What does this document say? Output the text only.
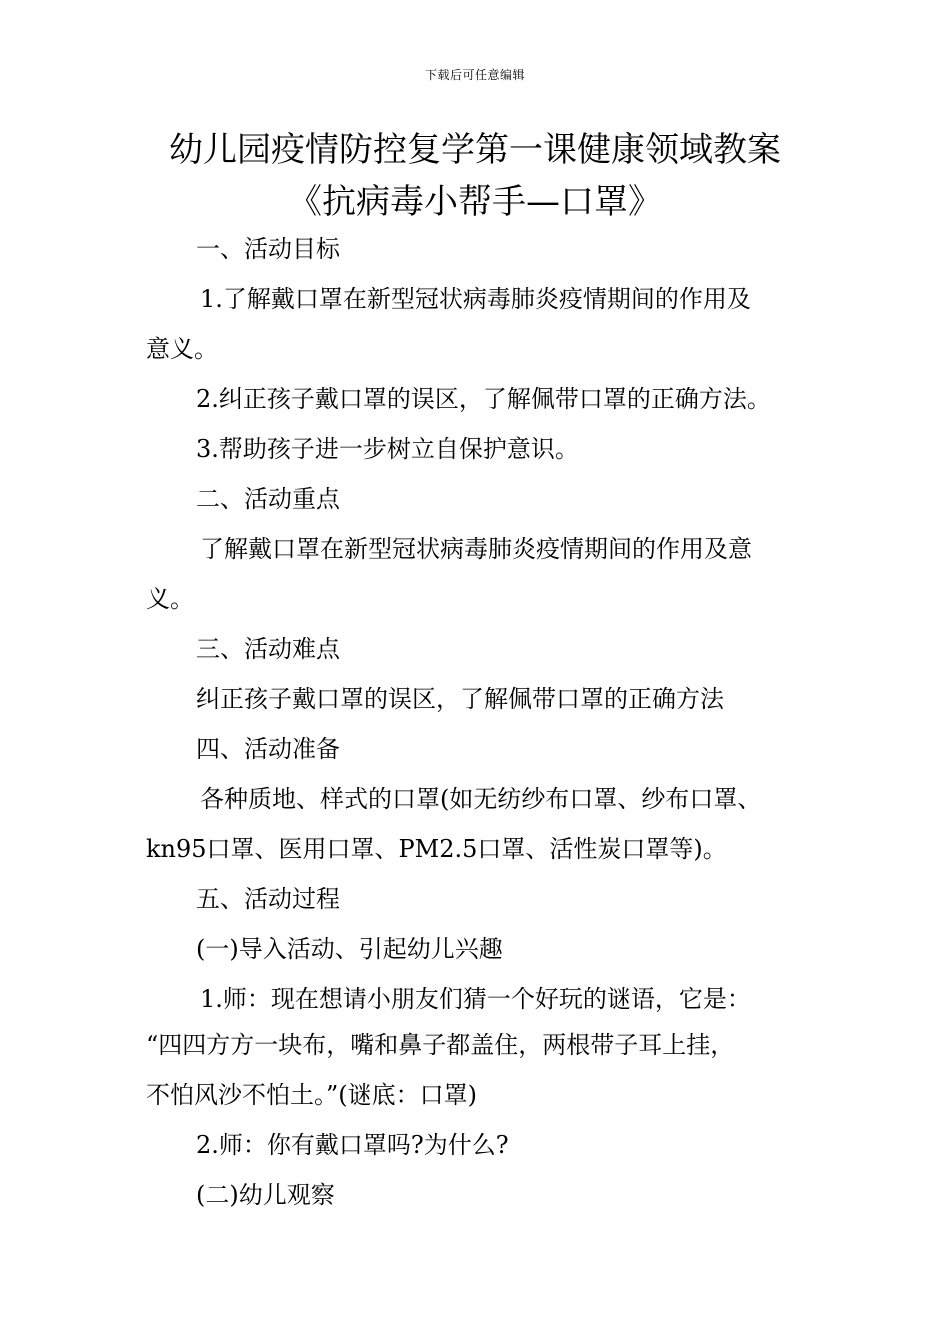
下载后可任意编辑
幼儿园疫情防控复学第一课健康领域教案
《抗病毒小帮手—口罩》
一、活动目标
1.了解戴口罩在新型冠状病毒肺炎疫情期间的作用及
意义。
2.纠正孩子戴口罩的误区，了解佩带口罩的正确方法。
3.帮助孩子进一步树立自保护意识。
二、活动重点
了解戴口罩在新型冠状病毒肺炎疫情期间的作用及意
义。
三、活动难点
纠正孩子戴口罩的误区，了解佩带口罩的正确方法
四、活动准备
各种质地、样式的口罩(如无纺纱布口罩、纱布口罩、
kn95口罩、医用口罩、PM2.5口罩、活性炭口罩等)。
五、活动过程
(一)导入活动、引起幼儿兴趣
1.师：现在想请小朋友们猜一个好玩的谜语，它是：
“四四方方一块布，嘴和鼻子都盖住，两根带子耳上挂，
不怕风沙不怕土。”(谜底：口罩)
2.师：你有戴口罩吗?为什么?
(二)幼儿观察
